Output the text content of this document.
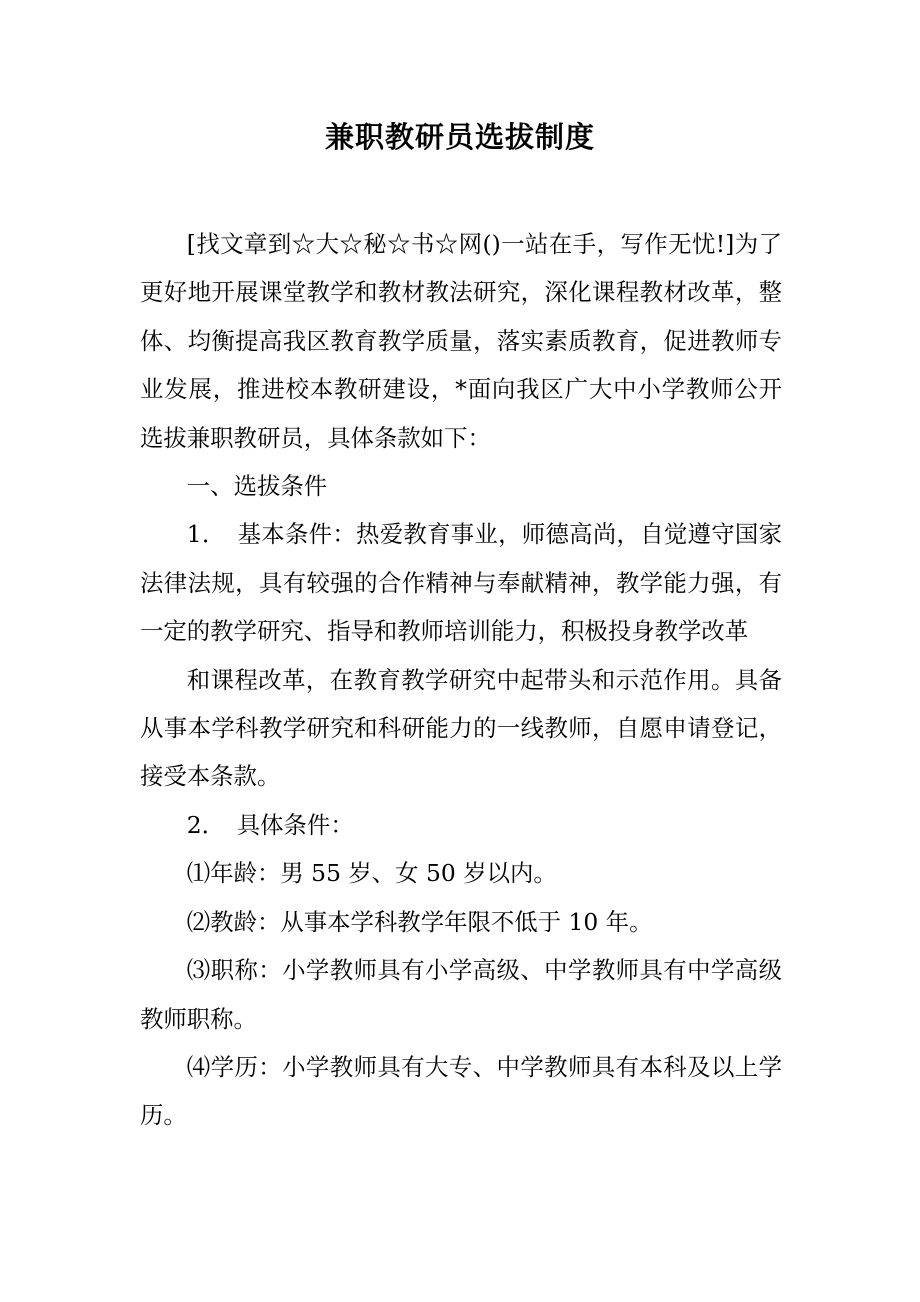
兼职教研员选拔制度

[找文章到☆大☆秘☆书☆网()一站在手，写作无忧!]为了更好地开展课堂教学和教材教法研究，深化课程教材改革，整体、均衡提高我区教育教学质量，落实素质教育，促进教师专业发展，推进校本教研建设，*面向我区广大中小学教师公开选拔兼职教研员，具体条款如下：

一、选拔条件

1．　基本条件：热爱教育事业，师德高尚，自觉遵守国家法律法规，具有较强的合作精神与奉献精神，教学能力强，有一定的教学研究、指导和教师培训能力，积极投身教学改革

和课程改革，在教育教学研究中起带头和示范作用。具备从事本学科教学研究和科研能力的一线教师，自愿申请登记，接受本条款。

2．　具体条件：

⑴年龄：男 55 岁、女 50 岁以内。

⑵教龄：从事本学科教学年限不低于 10 年。

⑶职称：小学教师具有小学高级、中学教师具有中学高级教师职称。

⑷学历：小学教师具有大专、中学教师具有本科及以上学历。
